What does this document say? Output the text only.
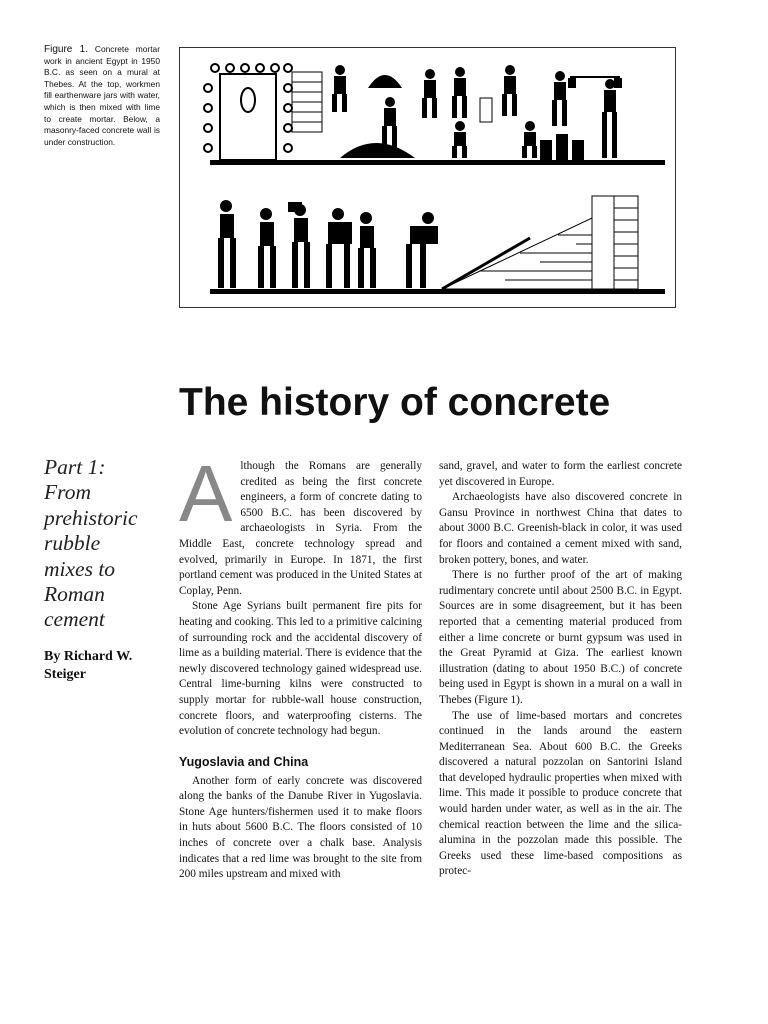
Figure 1. Concrete mortar work in ancient Egypt in 1950 B.C. as seen on a mural at Thebes. At the top, workmen fill earthenware jars with water, which is then mixed with lime to create mortar. Below, a masonry-faced concrete wall is under construction.
The history of concrete
Part 1:
From
prehistoric
rubble
mixes to
Roman
cement
By Richard W.
Steiger

Although the Romans are generally credited as being the first concrete engineers, a form of concrete dating to 6500 B.C. has been discovered by archaeologists in Syria. From the Middle East, concrete technology spread and evolved, primarily in Europe. In 1871, the first portland cement was produced in the United States at Coplay, Penn.

Stone Age Syrians built permanent fire pits for heating and cooking. This led to a primitive calcining of surrounding rock and the accidental discovery of lime as a building material. There is evidence that the newly discovered technology gained widespread use. Central lime-burning kilns were constructed to supply mortar for rubble-wall house construction, concrete floors, and waterproofing cisterns. The evolution of concrete technology had begun.

Yugoslavia and China

Another form of early concrete was discovered along the banks of the Danube River in Yugoslavia. Stone Age hunters/fishermen used it to make floors in huts about 5600 B.C. The floors consisted of 10 inches of concrete over a chalk base. Analysis indicates that a red lime was brought to the site from 200 miles upstream and mixed with

sand, gravel, and water to form the earliest concrete yet discovered in Europe.

Archaeologists have also discovered concrete in Gansu Province in northwest China that dates to about 3000 B.C. Greenish-black in color, it was used for floors and contained a cement mixed with sand, broken pottery, bones, and water.

There is no further proof of the art of making rudimentary concrete until about 2500 B.C. in Egypt. Sources are in some disagreement, but it has been reported that a cementing material produced from either a lime concrete or burnt gypsum was used in the Great Pyramid at Giza. The earliest known illustration (dating to about 1950 B.C.) of concrete being used in Egypt is shown in a mural on a wall in Thebes (Figure 1).

The use of lime-based mortars and concretes continued in the lands around the eastern Mediterranean Sea. About 600 B.C. the Greeks discovered a natural pozzolan on Santorini Island that developed hydraulic properties when mixed with lime. This made it possible to produce concrete that would harden under water, as well as in the air. The chemical reaction between the lime and the silica-alumina in the pozzolan made this possible. The Greeks used these lime-based compositions as protec-
